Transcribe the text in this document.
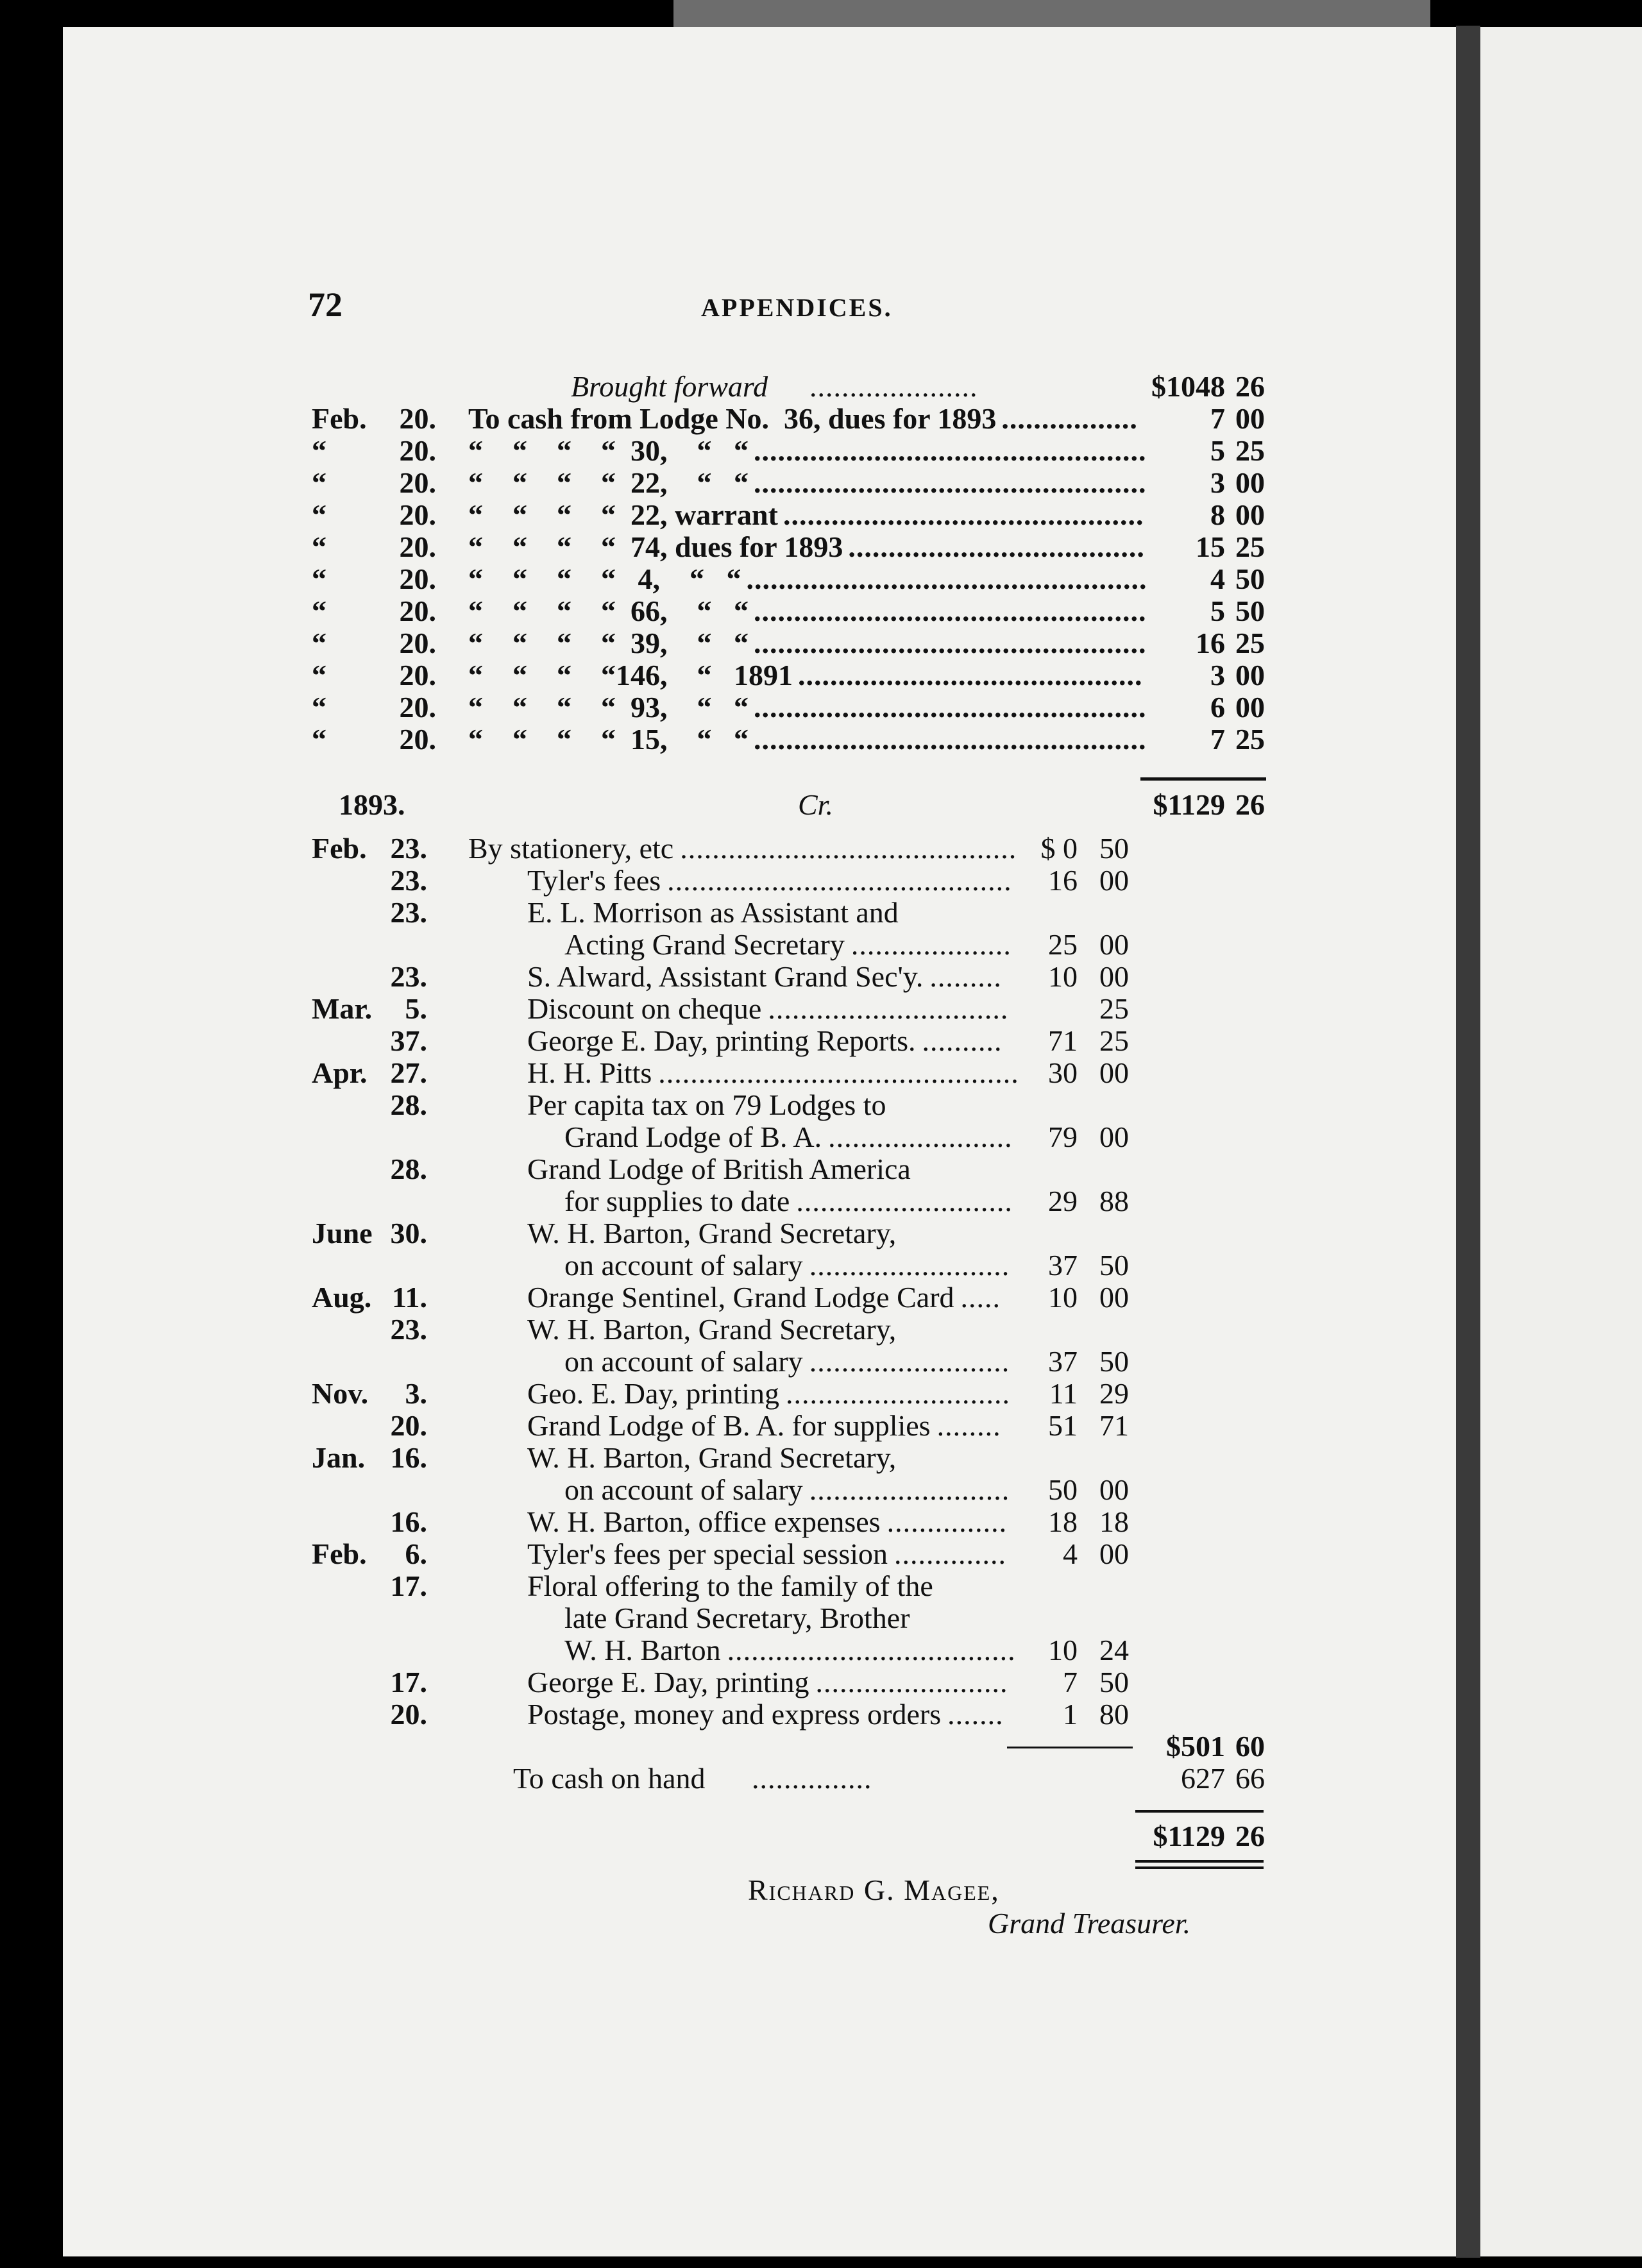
72	APPENDICES.
Brought forward .....................	$1048 26
Feb.	20. To cash from Lodge No.  36, dues for 1893	7 00
“	20. “    “    “    “  30,    “   “	5 25
“	20. “    “    “    “  22,    “   “	3 00
“	20. “    “    “    “  22, warrant	8 00
“	20. “    “    “    “  74, dues for 1893	15 25
“	20. “    “    “    “   4,    “   “	4 50
“	20. “    “    “    “  66,    “   “	5 50
“	20. “    “    “    “  39,    “   “	16 25
“	20. “    “    “    “146,    “   1891	3 00
“	20. “    “    “    “  93,    “   “	6 00
“	20. “    “    “    “  15,    “   “	7 25
.................
.................................................
.................................................
.............................................
.....................................
..................................................
.................................................
.................................................
...........................................
.................................................
.................................................
1893.	Cr.	$1129 26
Feb. 23. By stationery, etc .......................................... $ 0 50
23.	Tyler's fees ...........................................	16 00
23.	E. L. Morrison as Assistant and
Acting Grand Secretary ....................	25 00
23.	S. Alward, Assistant Grand Sec'y. .........	10 00
Mar.	5.	Discount on cheque ..............................	25
37.	George E. Day, printing Reports. ..........	71 25
Apr. 27.	H. H. Pitts ............................................. 30 00
28.	Per capita tax on 79 Lodges to
Grand Lodge of B. A. .......................	79 00
28.	Grand Lodge of British America
for supplies to date ...........................	29 88
June 30.	W. H. Barton, Grand Secretary,
on account of salary .........................	37 50
Aug. 11.	Orange Sentinel, Grand Lodge Card .....	10 00
23.	W. H. Barton, Grand Secretary,
on account of salary .........................	37 50
Nov.	3.	Geo. E. Day, printing ............................	11 29
20.	Grand Lodge of B. A. for supplies ........	51 71
Jan. 16.	W. H. Barton, Grand Secretary,
on account of salary .........................	50 00
16.	W. H. Barton, office expenses ...............	18 18
Feb.	6.	Tyler's fees per special session ..............	4 00
17.	Floral offering to the family of the
late Grand Secretary, Brother
W. H. Barton ....................................	10 24
17.	George E. Day, printing ........................	7 50
20.	Postage, money and express orders .......	1 80
$501 60
To cash on hand ...............	627 66
$1129 26
Richard G. Magee,
Grand Treasurer.
